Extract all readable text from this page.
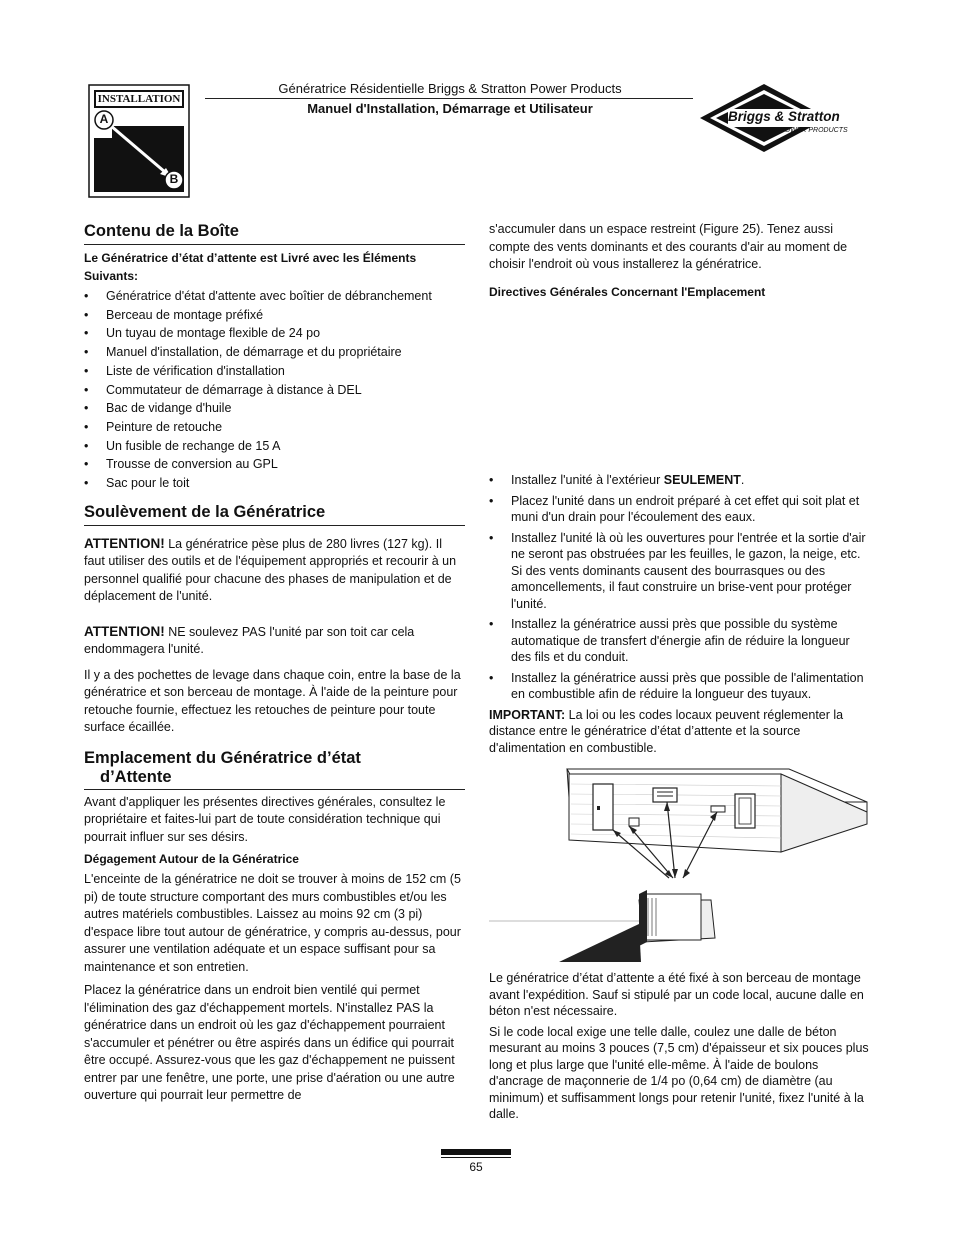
INSTALLATION
A
B
Génératrice Résidentielle Briggs & Stratton Power Products
Manuel d'Installation, Démarrage et Utilisateur
Briggs & Stratton
POWER PRODUCTS
Contenu de la Boîte
Le Génératrice d’état d’attente est Livré avec les Éléments Suivants:

• Génératrice d'état d'attente avec boîtier de débranchement

• Berceau de montage préfixé

• Un tuyau de montage flexible de 24 po

• Manuel d'installation, de démarrage et du propriétaire

• Liste de vérification d'installation

• Commutateur de démarrage à distance à DEL

• Bac de vidange d'huile

• Peinture de retouche

• Un fusible de rechange de 15 A

• Trousse de conversion au GPL

• Sac pour le toit

Soulèvement de la Génératrice

ATTENTION! La génératrice pèse plus de 280 livres (127 kg). Il faut utiliser des outils et de l'équipement appropriés et recourir à un personnel qualifié pour chacune des phases de manipulation et de déplacement de l'unité.

ATTENTION! NE soulevez PAS l'unité par son toit car cela endommagera l'unité.

Il y a des pochettes de levage dans chaque coin, entre la base de la génératrice et son berceau de montage. À l'aide de la peinture pour retouche fournie, effectuez les retouches de peinture pour toute surface écaillée.

Emplacement du Génératrice d’état
d’Attente

Avant d'appliquer les présentes directives générales, consultez le propriétaire et faites-lui part de toute considération technique qui pourrait influer sur ses désirs.

Dégagement Autour de la Génératrice

L'enceinte de la génératrice ne doit se trouver à moins de 152 cm (5 pi) de toute structure comportant des murs combustibles et/ou les autres matériels combustibles. Laissez au moins 92 cm (3 pi) d'espace libre tout autour de génératrice, y compris au-dessus, pour assurer une ventilation adéquate et un espace suffisant pour sa maintenance et son entretien.

Placez la génératrice dans un endroit bien ventilé qui permet l'élimination des gaz d'échappement mortels. N'installez PAS la génératrice dans un endroit où les gaz d'échappement pourraient s'accumuler et pénétrer ou être aspirés dans un édifice qui pourrait être occupé. Assurez-vous que les gaz d'échappement ne puissent entrer par une fenêtre, une porte, une prise d'aération ou une autre ouverture qui pourrait leur permettre de

s'accumuler dans un espace restreint (Figure 25). Tenez aussi compte des vents dominants et des courants d'air au moment de choisir l'endroit où vous installerez la génératrice.

Directives Générales Concernant l'Emplacement

• Installez l'unité à l'extérieur SEULEMENT.

• Placez l'unité dans un endroit préparé à cet effet qui soit plat et muni d'un drain pour l'écoulement des eaux.

• Installez l'unité là où les ouvertures pour l'entrée et la sortie d'air ne seront pas obstruées par les feuilles, le gazon, la neige, etc. Si des vents dominants causent des bourrasques ou des amoncellements, il faut construire un brise-vent pour protéger l'unité.

• Installez la génératrice aussi près que possible du système automatique de transfert d'énergie afin de réduire la longueur des fils et du conduit.

• Installez la génératrice aussi près que possible de l'alimentation en combustible afin de réduire la longueur des tuyaux.

IMPORTANT: La loi ou les codes locaux peuvent réglementer la distance entre le génératrice d’état d’attente et la source d'alimentation en combustible.

Le génératrice d’état d’attente a été fixé à son berceau de montage avant l'expédition. Sauf si stipulé par un code local, aucune dalle en béton n'est nécessaire.

Si le code local exige une telle dalle, coulez une dalle de béton mesurant au moins 3 pouces (7,5 cm) d'épaisseur et six pouces plus long et plus large que l'unité elle-même. À l'aide de boulons d'ancrage de maçonnerie de 1/4 po (0,64 cm) de diamètre (au minimum) et suffisamment longs pour retenir l'unité, fixez l'unité à la dalle.

65
